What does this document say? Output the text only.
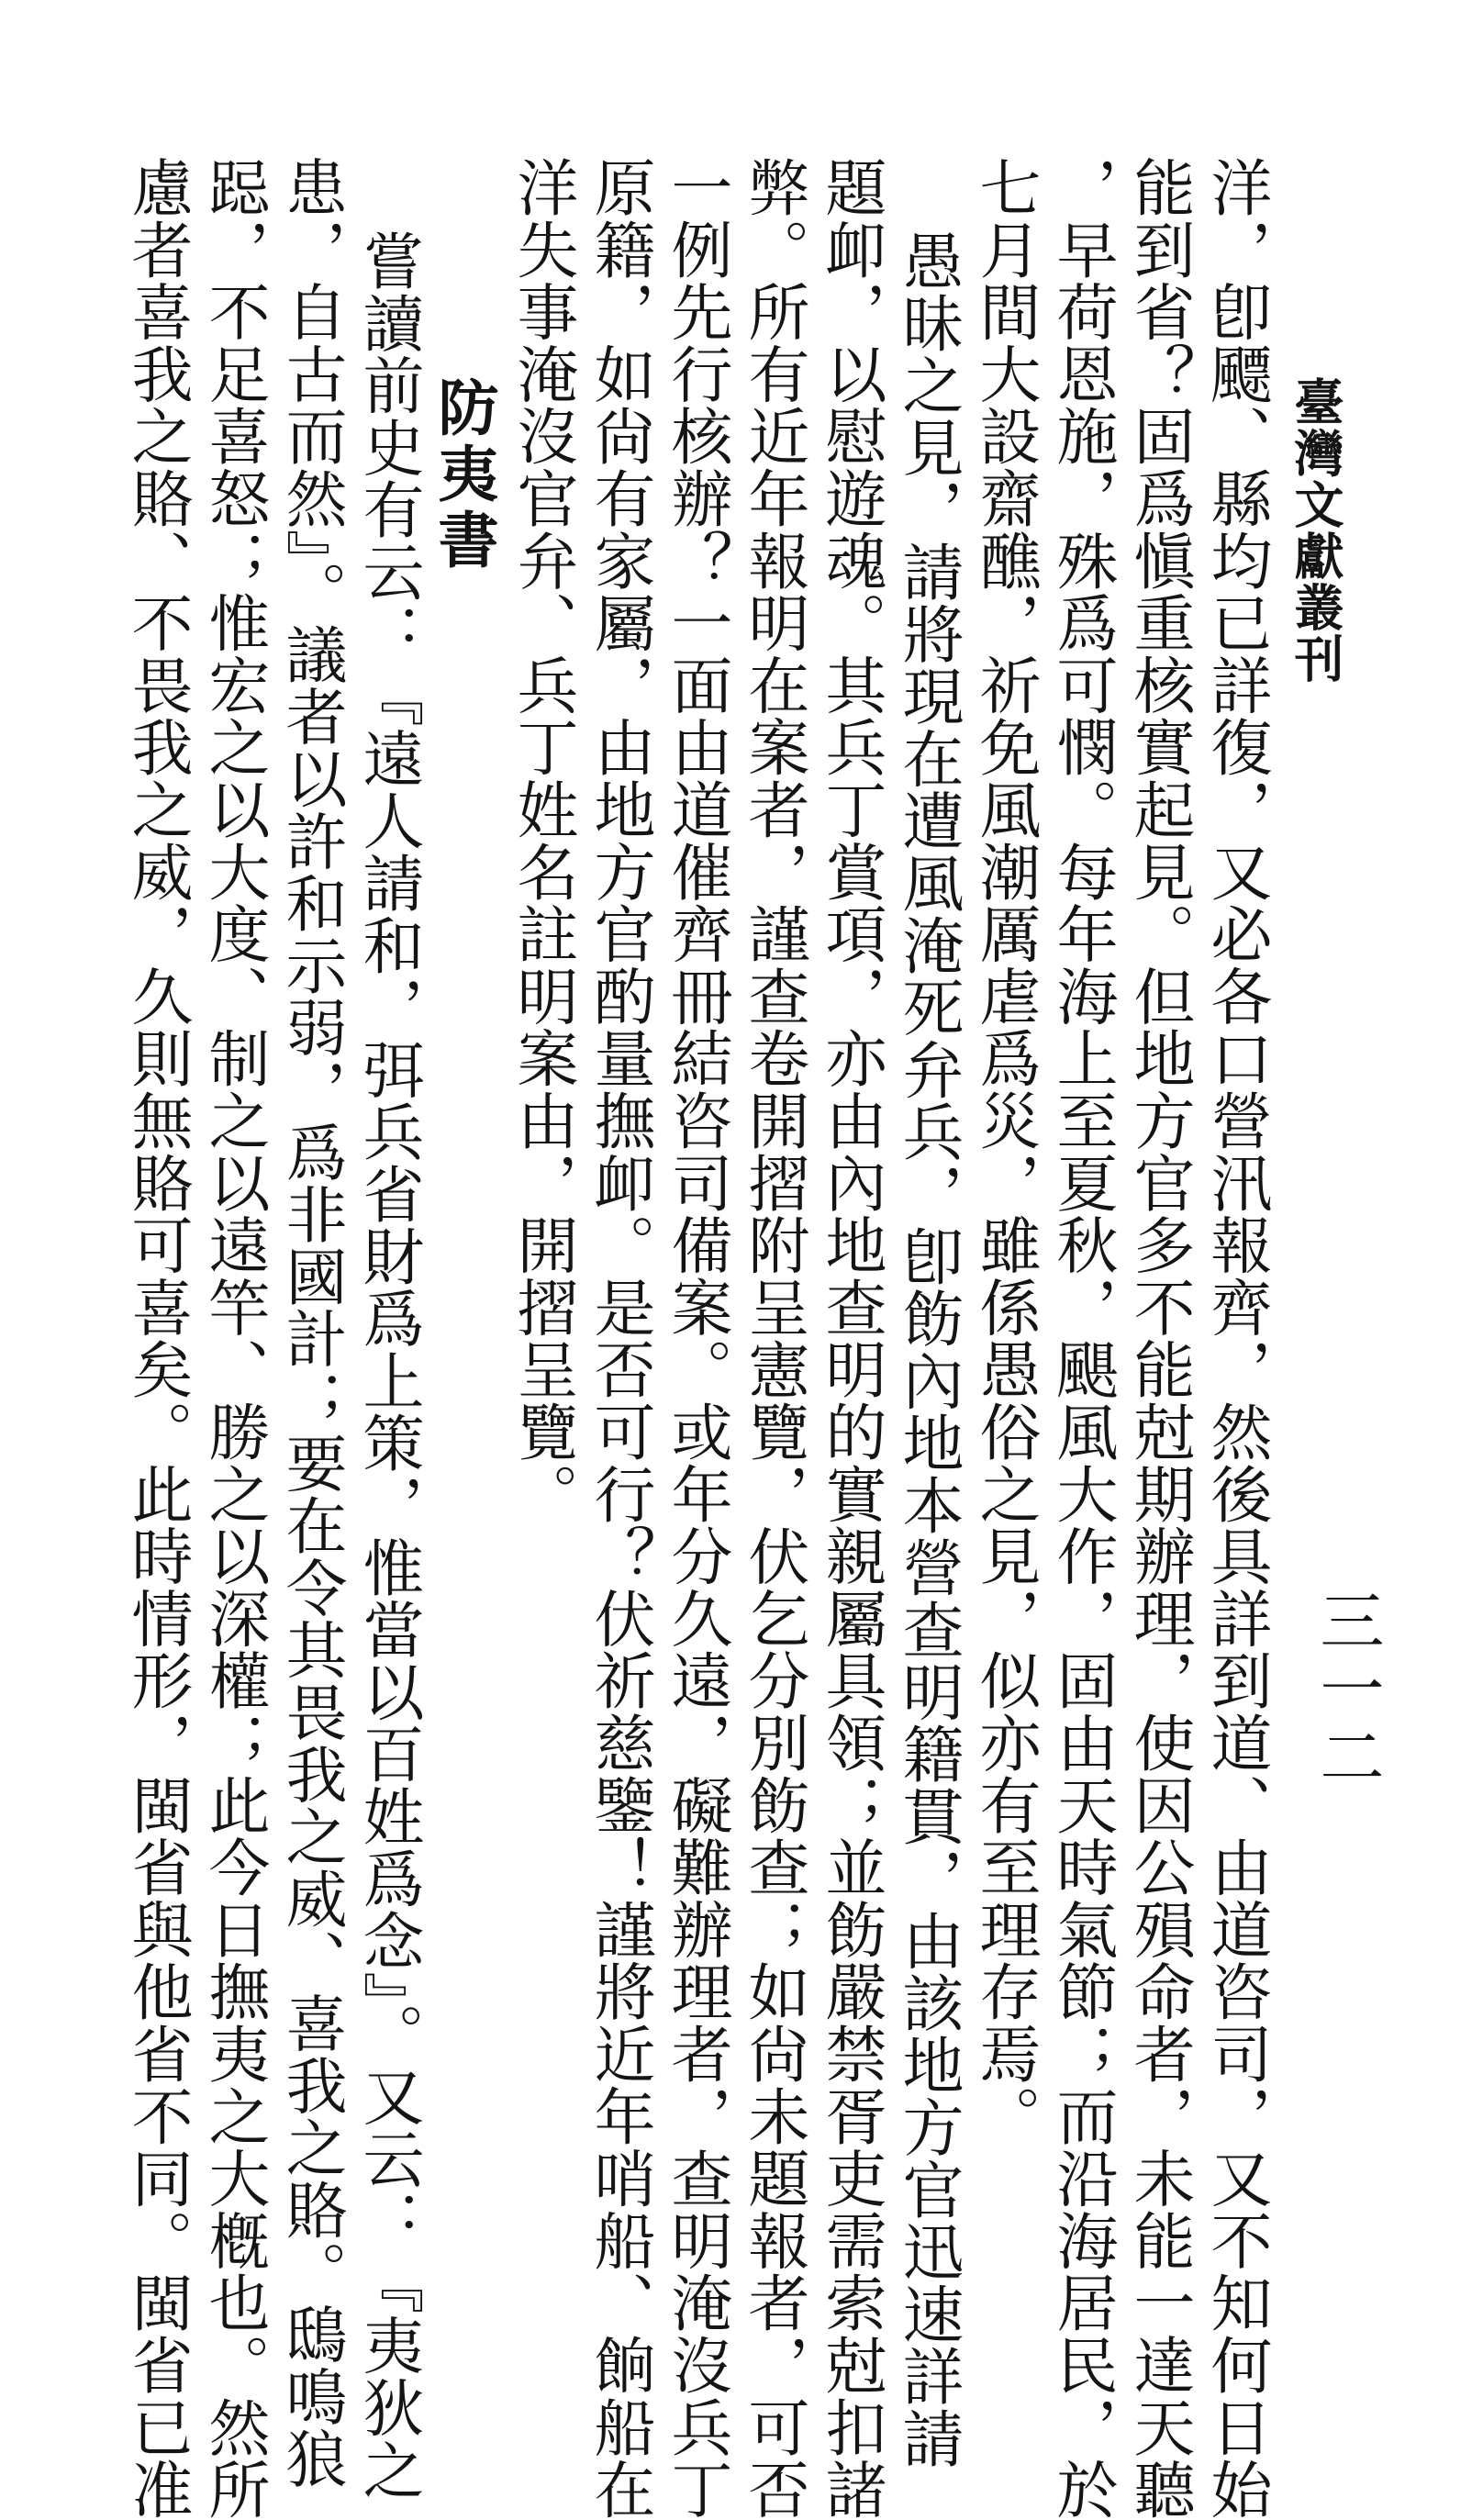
臺灣文獻叢刊
三一二
洋，卽飃、縣均已詳復，又必各口營汛報齊，然後具詳到道、由道咨司，又不知何日始
能到省？固爲愼重核實起見。但地方官多不能尅期辦理，使因公殞命者，未能一達天聽
，早荷恩施，殊爲可憫。每年海上至夏秋，颶風大作，固由天時氣節；而沿海居民，於
七月間大設齋醮，祈免風潮厲虐爲災，雖係愚俗之見，似亦有至理存焉。
愚昧之見，請將現在遭風淹死弁兵，卽飭內地本營查明籍貫，由該地方官迅速詳請
題卹，以慰遊魂。其兵丁賞項，亦由內地查明的實親屬具領；並飭嚴禁胥吏需索尅扣諸
弊。所有近年報明在案者，謹查卷開摺附呈憲覽，伏乞分別飭查；如尙未題報者，可否
一例先行核辦？一面由道催齊冊結咨司備案。或年分久遠，礙難辦理者，查明淹沒兵丁
原籍，如尙有家屬，由地方官酌量撫卹。是否可行？伏祈慈鑒！謹將近年哨船、餉船在
洋失事淹沒官弁、兵丁姓名註明案由，開摺呈覽。
防夷書
嘗讀前史有云：『遠人請和，弭兵省財爲上策，惟當以百姓爲念』。又云：『夷狄之
患，自古而然』。議者以許和示弱，爲非國計；要在令其畏我之威、喜我之賂。鴟鳴狼
跽，不足喜怒；惟宏之以大度、制之以遠竿、勝之以深權；此今日撫夷之大槪也。然所
慮者喜我之賂、不畏我之威，久則無賂可喜矣。此時情形，閩省與他省不同。閩省已准
